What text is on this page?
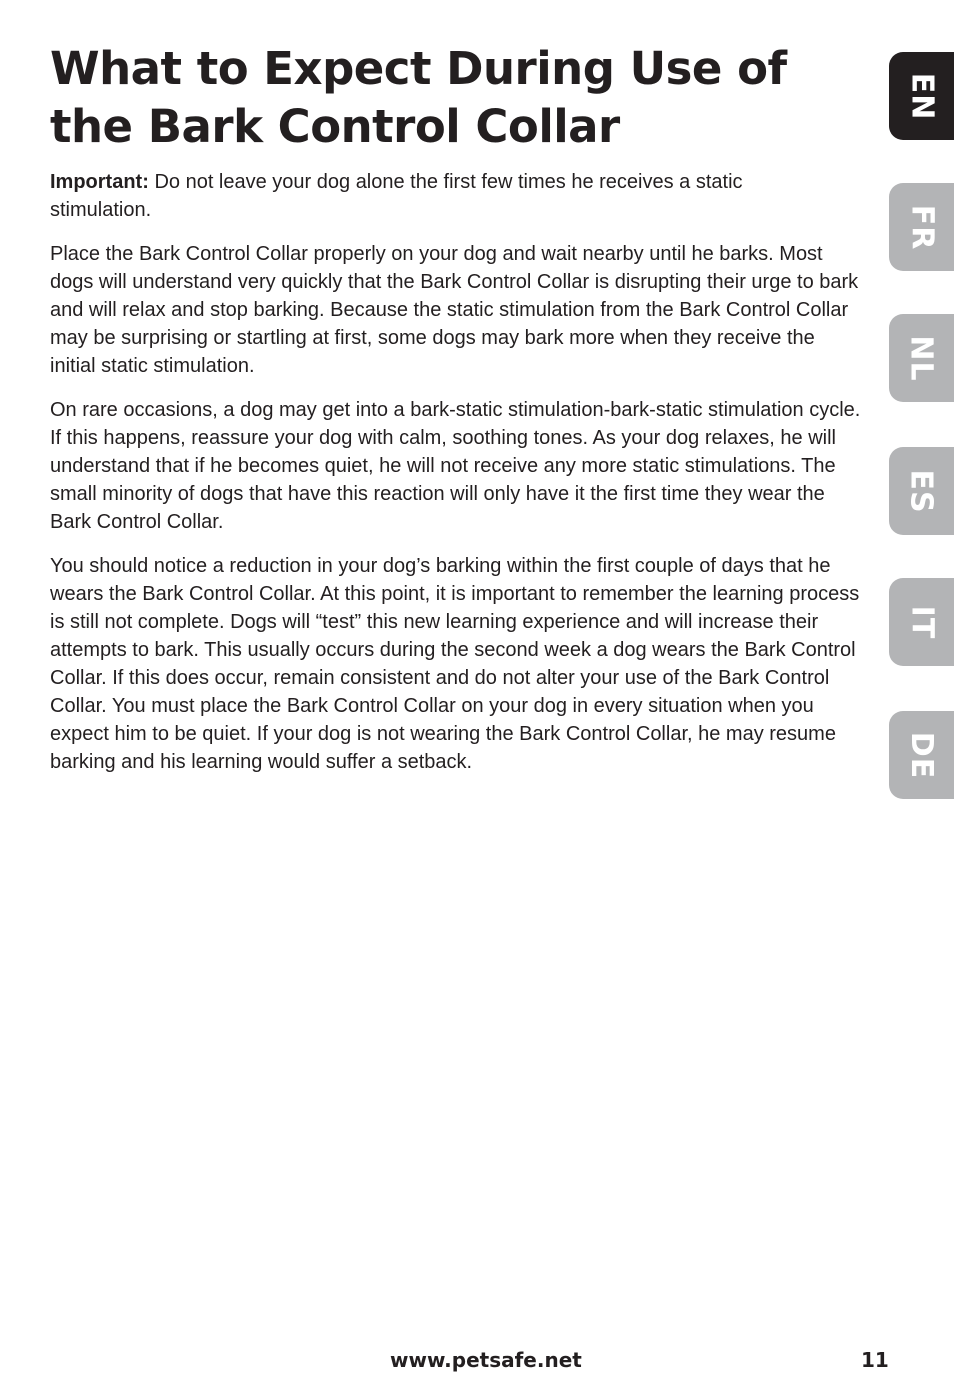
What to Expect During Use of the Bark Control Collar

Important: Do not leave your dog alone the first few times he receives a static stimulation.

Place the Bark Control Collar properly on your dog and wait nearby until he barks. Most dogs will understand very quickly that the Bark Control Collar is disrupting their urge to bark and will relax and stop barking. Because the static stimulation from the Bark Control Collar may be surprising or startling at first, some dogs may bark more when they receive the initial static stimulation.

On rare occasions, a dog may get into a bark-static stimulation-bark-static stimulation cycle. If this happens, reassure your dog with calm, soothing tones. As your dog relaxes, he will understand that if he becomes quiet, he will not receive any more static stimulations. The small minority of dogs that have this reaction will only have it the first time they wear the Bark Control Collar.

You should notice a reduction in your dog’s barking within the first couple of days that he wears the Bark Control Collar. At this point, it is important to remember the learning process is still not complete. Dogs will “test” this new learning experience and will increase their attempts to bark. This usually occurs during the second week a dog wears the Bark Control Collar. If this does occur, remain consistent and do not alter your use of the Bark Control Collar. You must place the Bark Control Collar on your dog in every situation when you expect him to be quiet. If your dog is not wearing the Bark Control Collar, he may resume barking and his learning would suffer a setback.

EN
FR
NL
ES
IT
DE
www.petsafe.net	11
